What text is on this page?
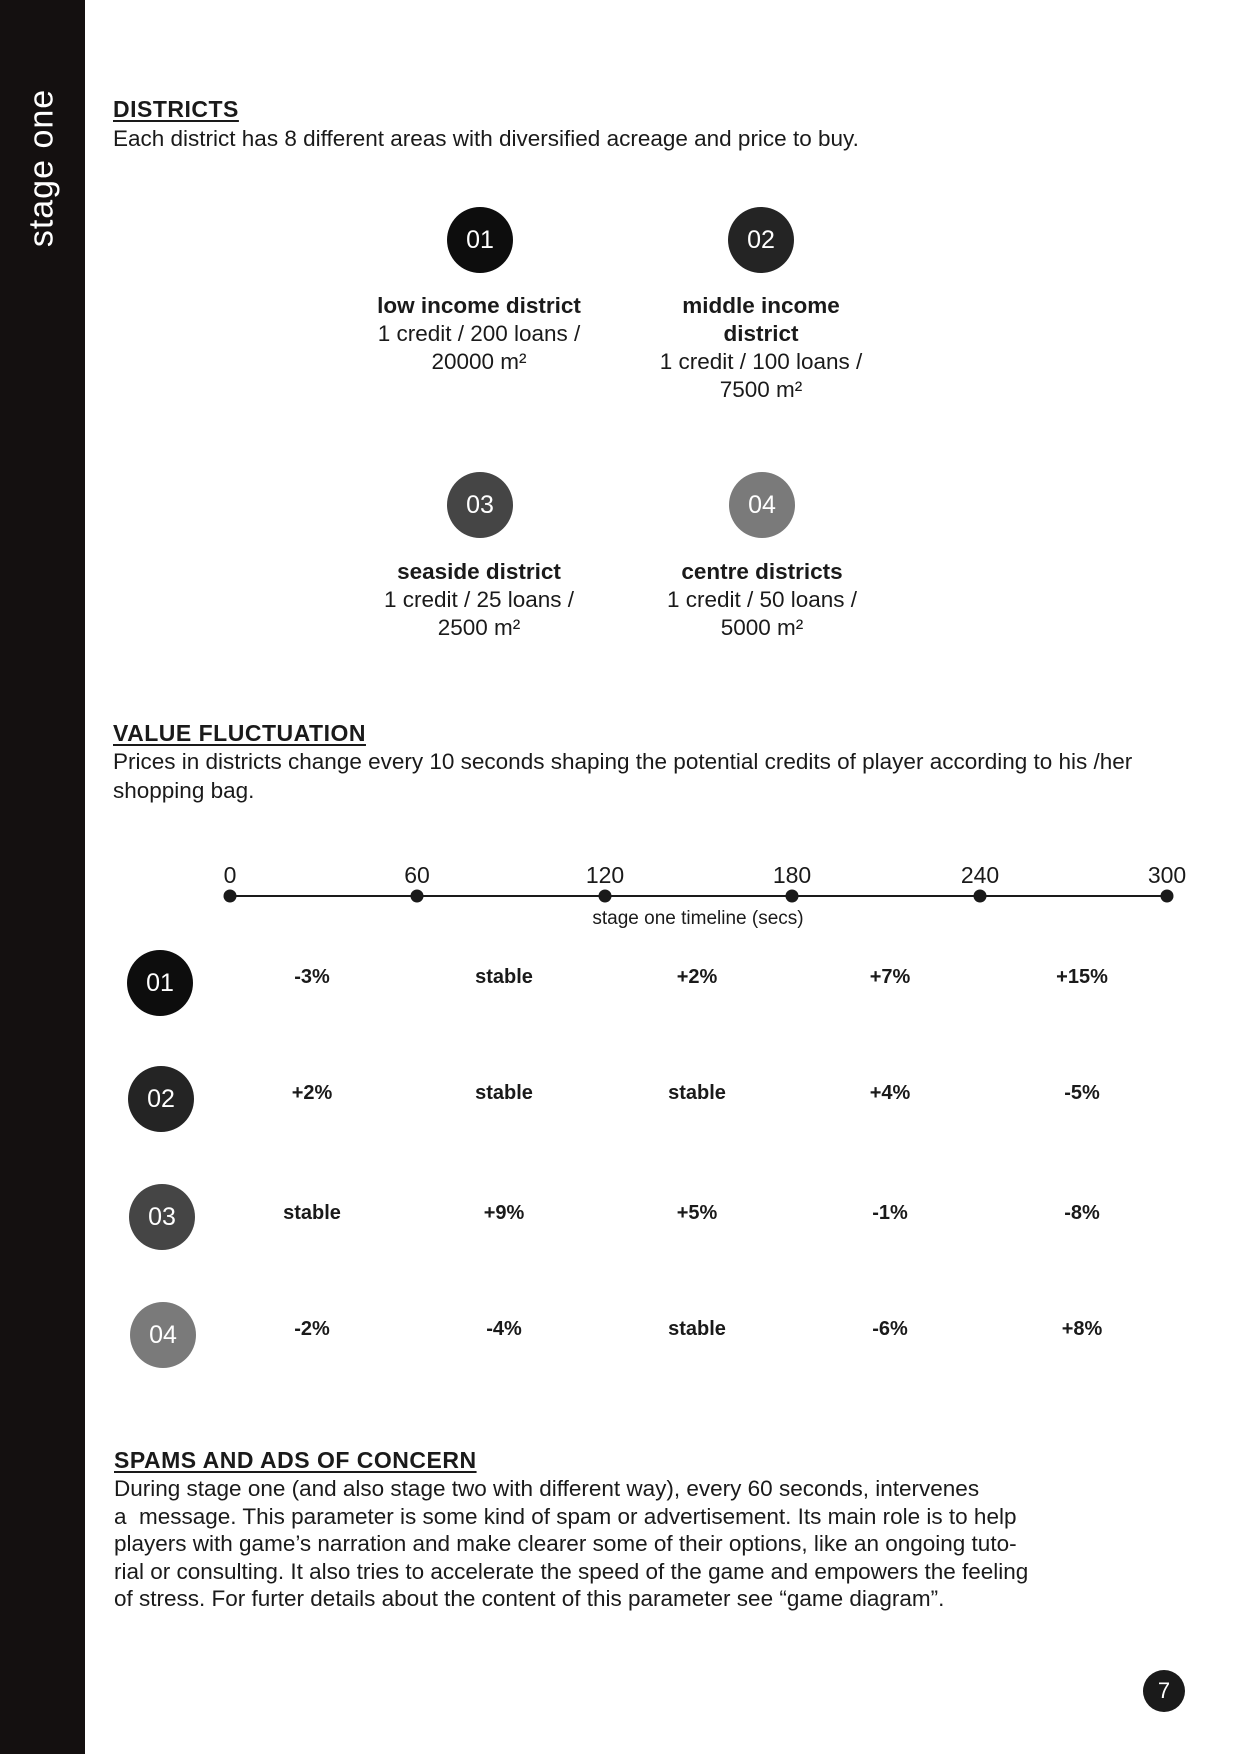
stage one DISTRICTS
Each district has 8 different areas with diversified acreage and price to buy.
01	02
low income district
1 credit / 200 loans /
20000 m²
middle income district
1 credit / 100 loans /
7500 m²
03	04
seaside district
1 credit / 25 loans /
2500 m²
centre districts
1 credit / 50 loans /
5000 m²
VALUE FLUCTUATION
Prices in districts change every 10 seconds shaping the potential credits of player according to his /her shopping bag.
0	60	120	180	240	300
stage one timeline (secs)
01	-3%	stable	+2%	+7%	+15%
02	+2%	stable	stable	+4%	-5%
03	stable	+9%	+5%	-1%	-8%
04	-2%	-4%	stable	-6%	+8%
SPAMS AND ADS OF CONCERN
During stage one (and also stage two with different way), every 60 seconds, intervenes
a  message. This parameter is some kind of spam or advertisement. Its main role is to help
players with game’s narration and make clearer some of their options, like an ongoing tuto-
rial or consulting. It also tries to accelerate the speed of the game and empowers the feeling
of stress. For furter details about the content of this parameter see “game diagram”.
7
